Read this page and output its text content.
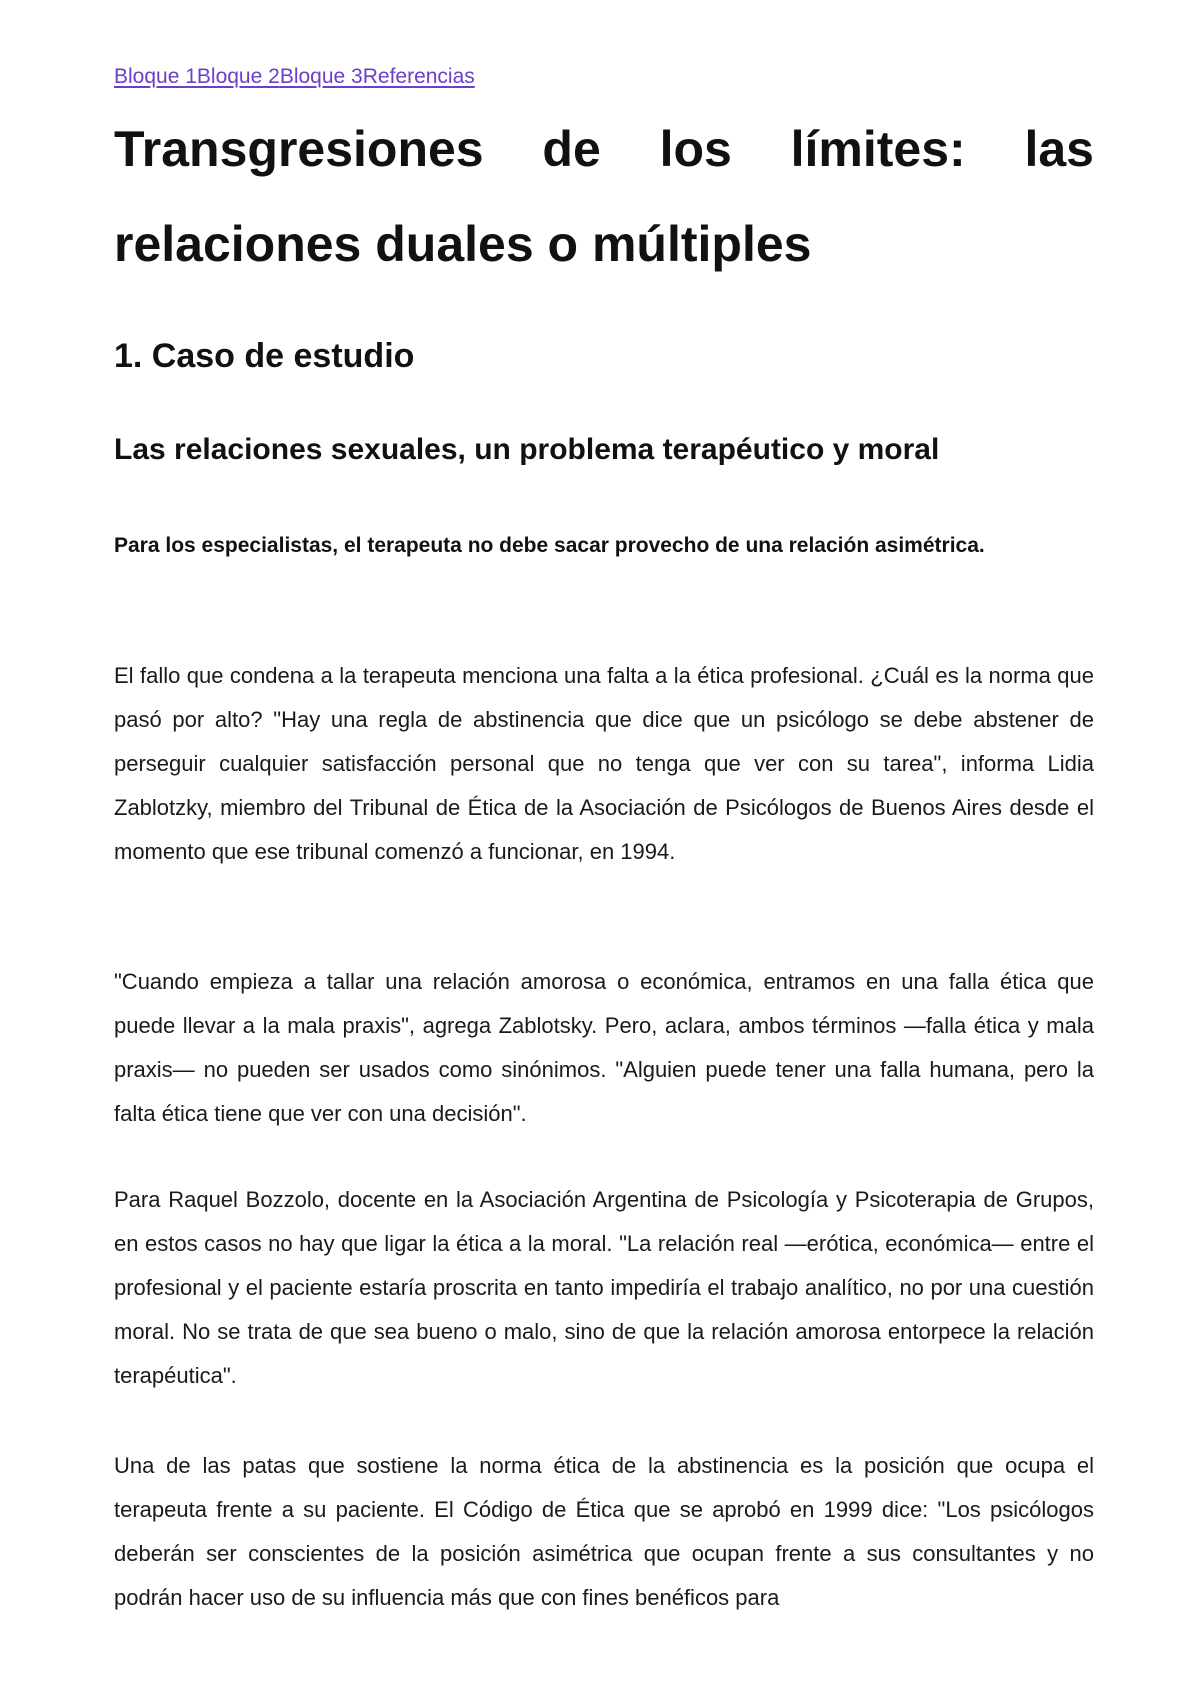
Bloque 1Bloque 2Bloque 3Referencias
Transgresiones de los límites: las relaciones duales o múltiples
1. Caso de estudio
Las relaciones sexuales, un problema terapéutico y moral

Para los especialistas, el terapeuta no debe sacar provecho de una relación asimétrica.

El fallo que condena a la terapeuta menciona una falta a la ética profesional. ¿Cuál es la norma que pasó por alto? "Hay una regla de abstinencia que dice que un psicólogo se debe abstener de perseguir cualquier satisfacción personal que no tenga que ver con su tarea", informa Lidia Zablotzky, miembro del Tribunal de Ética de la Asociación de Psicólogos de Buenos Aires desde el momento que ese tribunal comenzó a funcionar, en 1994.

"Cuando empieza a tallar una relación amorosa o económica, entramos en una falla ética que puede llevar a la mala praxis", agrega Zablotsky. Pero, aclara, ambos términos —falla ética y mala praxis— no pueden ser usados como sinónimos. "Alguien puede tener una falla humana, pero la falta ética tiene que ver con una decisión".

Para Raquel Bozzolo, docente en la Asociación Argentina de Psicología y Psicoterapia de Grupos, en estos casos no hay que ligar la ética a la moral. "La relación real —erótica, económica— entre el profesional y el paciente estaría proscrita en tanto impediría el trabajo analítico, no por una cuestión moral. No se trata de que sea bueno o malo, sino de que la relación amorosa entorpece la relación terapéutica".

Una de las patas que sostiene la norma ética de la abstinencia es la posición que ocupa el terapeuta frente a su paciente. El Código de Ética que se aprobó en 1999 dice: "Los psicólogos deberán ser conscientes de la posición asimétrica que ocupan frente a sus consultantes y no podrán hacer uso de su influencia más que con fines benéficos para
